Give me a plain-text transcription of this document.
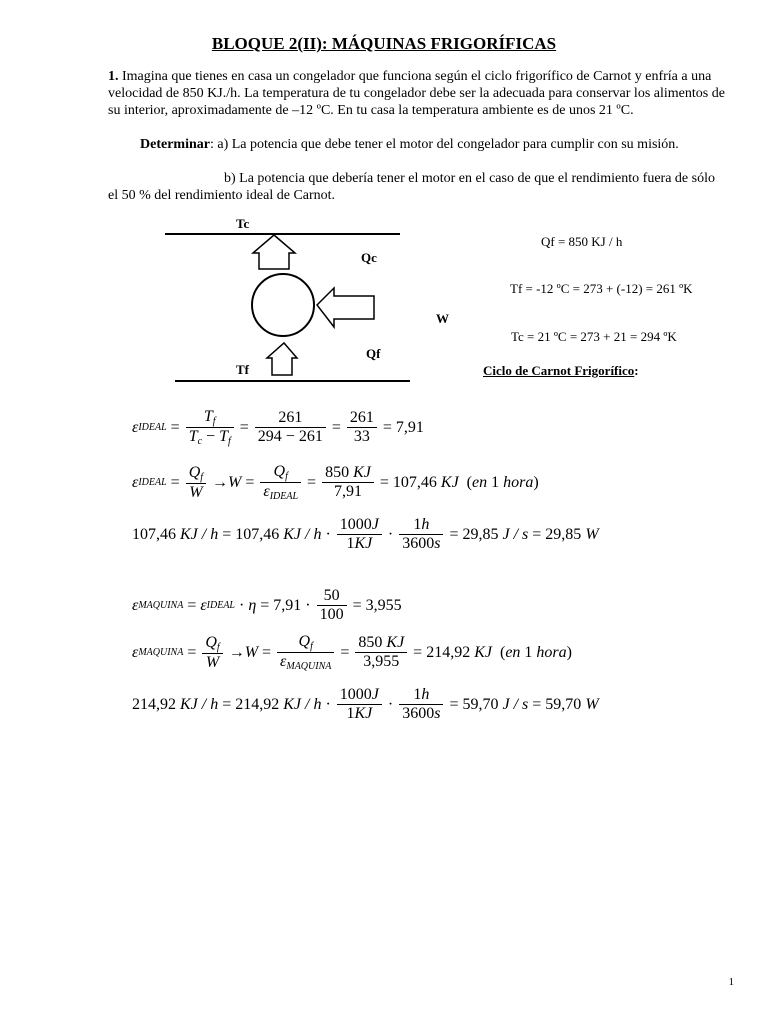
BLOQUE 2(II): MÁQUINAS FRIGORÍFICAS
1. Imagina que tienes en casa un congelador que funciona según el ciclo frigorífico de Carnot y enfría a una velocidad de 850 KJ./h. La temperatura de tu congelador debe ser la adecuada para conservar los alimentos de su interior, aproximadamente de –12 ºC. En tu casa la temperatura ambiente es de unos 21 ºC.
Determinar: a) La potencia que debe tener el motor del congelador para cumplir con su misión.
b) La potencia que debería tener el motor en el caso de que el rendimiento fuera de sólo el 50 % del rendimiento ideal de Carnot.
Tc
Qc
W
Qf
Tf
Qf = 850 KJ / h
Tf = -12 ºC = 273 + (-12) = 261 ºK
Tc = 21 ºC = 273 + 21 = 294 ºK
Ciclo de Carnot Frigorífico:
ε IDEAL = $\frac{T_f}{T_c - T_f} = \frac{261}{294 - 261} = \frac{261}{33} = 7,91$
ε IDEAL = $\frac{Q_f}{W} \to W = \frac{Q_f}{\varepsilon_{IDEAL}} = \frac{850 KJ}{7,91} = 107,46$ KJ ( en 1 hora )
107,46 KJ / h = 107,46 KJ / $h \cdot \frac{1000J}{1KJ} \cdot \frac{1h}{3600s} = 29,85$ J / s = 29,85 W
ε MAQUINA = ε IDEAL · $\eta = 7,91 \cdot \frac{50}{100} = 3,955$
ε MAQUINA = $\frac{Q_f}{W} \to W = \frac{Q_f}{\varepsilon_{MAQUINA}} = \frac{850 KJ}{3,955} = 214,92$ KJ ( en 1 hora )
214,92 KJ / h = 214,92 KJ / $h \cdot \frac{1000J}{1KJ} \cdot \frac{1h}{3600s} = 59,70$ J / s = 59,70 W
1
